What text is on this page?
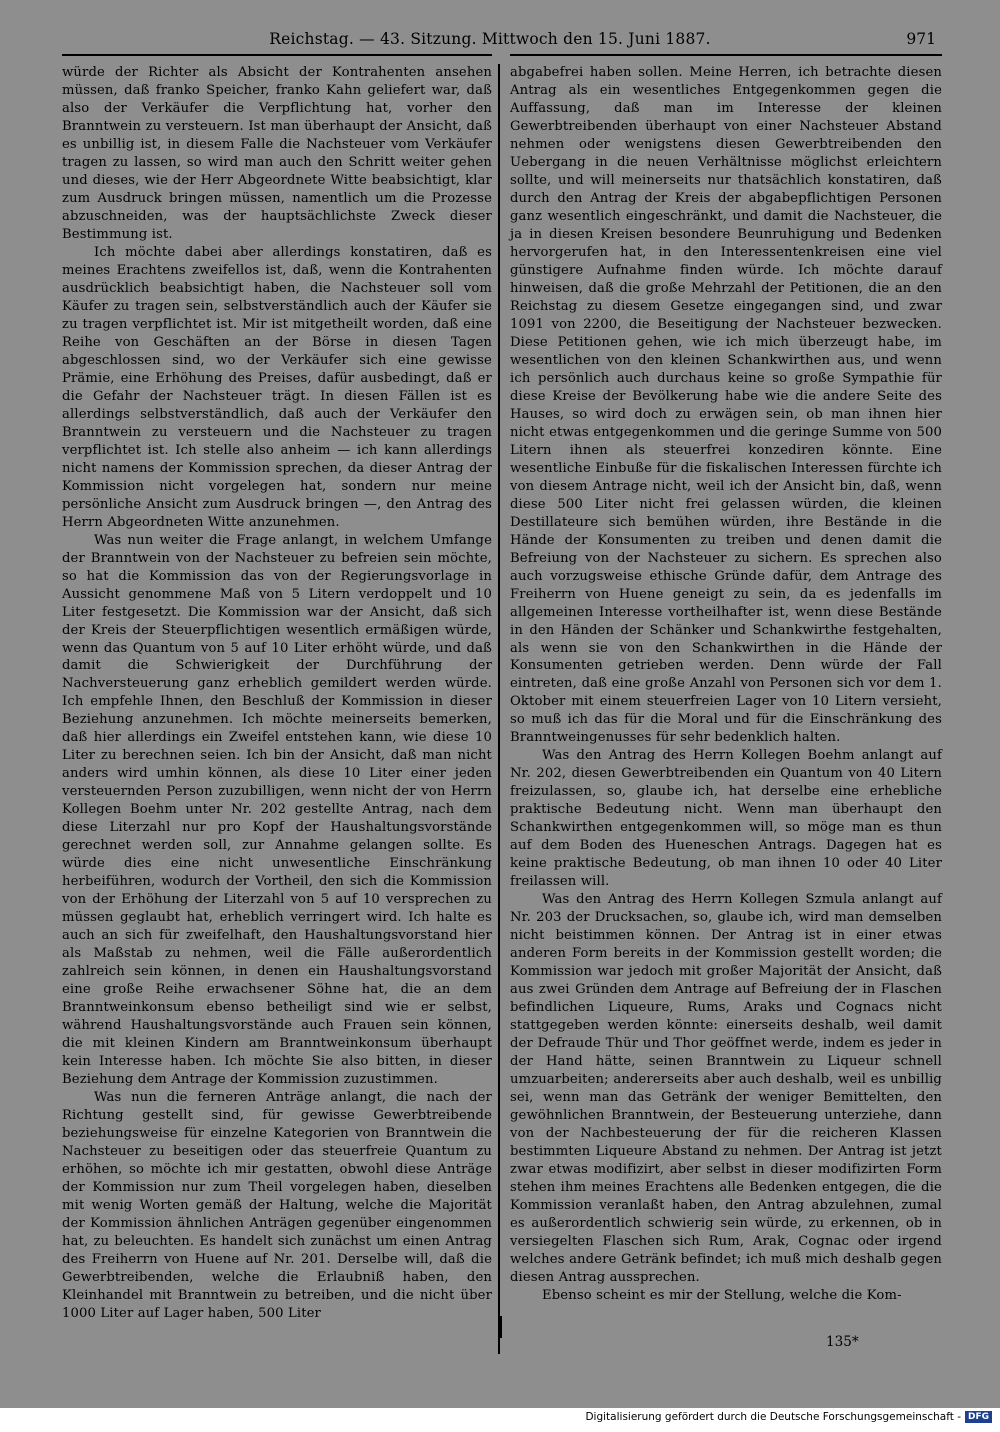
Reichstag. — 43. Sitzung. Mittwoch den 15. Juni 1887.	971

würde der Richter als Absicht der Kontrahenten ansehen müssen, daß franko Speicher, franko Kahn geliefert war, daß also der Verkäufer die Verpflichtung hat, vorher den Branntwein zu versteuern. Ist man überhaupt der Ansicht, daß es unbillig ist, in diesem Falle die Nachsteuer vom Verkäufer tragen zu lassen, so wird man auch den Schritt weiter gehen und dieses, wie der Herr Abgeordnete Witte beabsichtigt, klar zum Ausdruck bringen müssen, namentlich um die Prozesse abzuschneiden, was der hauptsächlichste Zweck dieser Bestimmung ist.

Ich möchte dabei aber allerdings konstatiren, daß es meines Erachtens zweifellos ist, daß, wenn die Kontrahenten ausdrücklich beabsichtigt haben, die Nachsteuer soll vom Käufer zu tragen sein, selbstverständlich auch der Käufer sie zu tragen verpflichtet ist. Mir ist mitgetheilt worden, daß eine Reihe von Geschäften an der Börse in diesen Tagen abgeschlossen sind, wo der Verkäufer sich eine gewisse Prämie, eine Erhöhung des Preises, dafür ausbedingt, daß er die Gefahr der Nachsteuer trägt. In diesen Fällen ist es allerdings selbstverständlich, daß auch der Verkäufer den Branntwein zu versteuern und die Nachsteuer zu tragen verpflichtet ist. Ich stelle also anheim — ich kann allerdings nicht namens der Kommission sprechen, da dieser Antrag der Kommission nicht vorgelegen hat, sondern nur meine persönliche Ansicht zum Ausdruck bringen —, den Antrag des Herrn Abgeordneten Witte anzunehmen.

Was nun weiter die Frage anlangt, in welchem Umfange der Branntwein von der Nachsteuer zu befreien sein möchte, so hat die Kommission das von der Regierungsvorlage in Aussicht genommene Maß von 5 Litern verdoppelt und 10 Liter festgesetzt. Die Kommission war der Ansicht, daß sich der Kreis der Steuerpflichtigen wesentlich ermäßigen würde, wenn das Quantum von 5 auf 10 Liter erhöht würde, und daß damit die Schwierigkeit der Durchführung der Nachversteuerung ganz erheblich gemildert werden würde. Ich empfehle Ihnen, den Beschluß der Kommission in dieser Beziehung anzunehmen. Ich möchte meinerseits bemerken, daß hier allerdings ein Zweifel entstehen kann, wie diese 10 Liter zu berechnen seien. Ich bin der Ansicht, daß man nicht anders wird umhin können, als diese 10 Liter einer jeden versteuernden Person zuzubilligen, wenn nicht der von Herrn Kollegen Boehm unter Nr. 202 gestellte Antrag, nach dem diese Literzahl nur pro Kopf der Haushaltungsvorstände gerechnet werden soll, zur Annahme gelangen sollte. Es würde dies eine nicht unwesentliche Einschränkung herbeiführen, wodurch der Vortheil, den sich die Kommission von der Erhöhung der Literzahl von 5 auf 10 versprechen zu müssen geglaubt hat, erheblich verringert wird. Ich halte es auch an sich für zweifelhaft, den Haushaltungsvorstand hier als Maßstab zu nehmen, weil die Fälle außerordentlich zahlreich sein können, in denen ein Haushaltungsvorstand eine große Reihe erwachsener Söhne hat, die an dem Branntweinkonsum ebenso betheiligt sind wie er selbst, während Haushaltungsvorstände auch Frauen sein können, die mit kleinen Kindern am Branntweinkonsum überhaupt kein Interesse haben. Ich möchte Sie also bitten, in dieser Beziehung dem Antrage der Kommission zuzustimmen.

Was nun die ferneren Anträge anlangt, die nach der Richtung gestellt sind, für gewisse Gewerbtreibende beziehungsweise für einzelne Kategorien von Branntwein die Nachsteuer zu beseitigen oder das steuerfreie Quantum zu erhöhen, so möchte ich mir gestatten, obwohl diese Anträge der Kommission nur zum Theil vorgelegen haben, dieselben mit wenig Worten gemäß der Haltung, welche die Majorität der Kommission ähnlichen Anträgen gegenüber eingenommen hat, zu beleuchten. Es handelt sich zunächst um einen Antrag des Freiherrn von Huene auf Nr. 201. Derselbe will, daß die Gewerbtreibenden, welche die Erlaubniß haben, den Kleinhandel mit Branntwein zu betreiben, und die nicht über 1000 Liter auf Lager haben, 500 Liter

abgabefrei haben sollen. Meine Herren, ich betrachte diesen Antrag als ein wesentliches Entgegenkommen gegen die Auffassung, daß man im Interesse der kleinen Gewerbtreibenden überhaupt von einer Nachsteuer Abstand nehmen oder wenigstens diesen Gewerbtreibenden den Uebergang in die neuen Verhältnisse möglichst erleichtern sollte, und will meinerseits nur thatsächlich konstatiren, daß durch den Antrag der Kreis der abgabepflichtigen Personen ganz wesentlich eingeschränkt, und damit die Nachsteuer, die ja in diesen Kreisen besondere Beunruhigung und Bedenken hervorgerufen hat, in den Interessentenkreisen eine viel günstigere Aufnahme finden würde. Ich möchte darauf hinweisen, daß die große Mehrzahl der Petitionen, die an den Reichstag zu diesem Gesetze eingegangen sind, und zwar 1091 von 2200, die Beseitigung der Nachsteuer bezwecken. Diese Petitionen gehen, wie ich mich überzeugt habe, im wesentlichen von den kleinen Schankwirthen aus, und wenn ich persönlich auch durchaus keine so große Sympathie für diese Kreise der Bevölkerung habe wie die andere Seite des Hauses, so wird doch zu erwägen sein, ob man ihnen hier nicht etwas entgegenkommen und die geringe Summe von 500 Litern ihnen als steuerfrei konzediren könnte. Eine wesentliche Einbuße für die fiskalischen Interessen fürchte ich von diesem Antrage nicht, weil ich der Ansicht bin, daß, wenn diese 500 Liter nicht frei gelassen würden, die kleinen Destillateure sich bemühen würden, ihre Bestände in die Hände der Konsumenten zu treiben und denen damit die Befreiung von der Nachsteuer zu sichern. Es sprechen also auch vorzugsweise ethische Gründe dafür, dem Antrage des Freiherrn von Huene geneigt zu sein, da es jedenfalls im allgemeinen Interesse vortheilhafter ist, wenn diese Bestände in den Händen der Schänker und Schankwirthe festgehalten, als wenn sie von den Schankwirthen in die Hände der Konsumenten getrieben werden. Denn würde der Fall eintreten, daß eine große Anzahl von Personen sich vor dem 1. Oktober mit einem steuerfreien Lager von 10 Litern versieht, so muß ich das für die Moral und für die Einschränkung des Branntweingenusses für sehr bedenklich halten.

Was den Antrag des Herrn Kollegen Boehm anlangt auf Nr. 202, diesen Gewerbtreibenden ein Quantum von 40 Litern freizulassen, so, glaube ich, hat derselbe eine erhebliche praktische Bedeutung nicht. Wenn man überhaupt den Schankwirthen entgegenkommen will, so möge man es thun auf dem Boden des Hueneschen Antrags. Dagegen hat es keine praktische Bedeutung, ob man ihnen 10 oder 40 Liter freilassen will.

Was den Antrag des Herrn Kollegen Szmula anlangt auf Nr. 203 der Drucksachen, so, glaube ich, wird man demselben nicht beistimmen können. Der Antrag ist in einer etwas anderen Form bereits in der Kommission gestellt worden; die Kommission war jedoch mit großer Majorität der Ansicht, daß aus zwei Gründen dem Antrage auf Befreiung der in Flaschen befindlichen Liqueure, Rums, Araks und Cognacs nicht stattgegeben werden könnte: einerseits deshalb, weil damit der Defraude Thür und Thor geöffnet werde, indem es jeder in der Hand hätte, seinen Branntwein zu Liqueur schnell umzuarbeiten; andererseits aber auch deshalb, weil es unbillig sei, wenn man das Getränk der weniger Bemittelten, den gewöhnlichen Branntwein, der Besteuerung unterziehe, dann von der Nachbesteuerung der für die reicheren Klassen bestimmten Liqueure Abstand zu nehmen. Der Antrag ist jetzt zwar etwas modifizirt, aber selbst in dieser modifizirten Form stehen ihm meines Erachtens alle Bedenken entgegen, die die Kommission veranlaßt haben, den Antrag abzulehnen, zumal es außerordentlich schwierig sein würde, zu erkennen, ob in versiegelten Flaschen sich Rum, Arak, Cognac oder irgend welches andere Getränk befindet; ich muß mich deshalb gegen diesen Antrag aussprechen.

Ebenso scheint es mir der Stellung, welche die Kom-

135*
Digitalisierung gefördert durch die Deutsche Forschungsgemeinschaft - DFG
